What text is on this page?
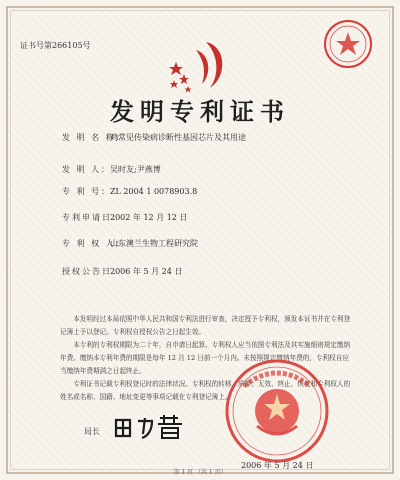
证书号第266105号
发明专利证书
发 明 名 称：鸡常见传染病诊断性基因芯片及其用途
发 明 人：吴时友;尹燕博
专 利 号：ZL 2004 1 0078903.8
专利申请日：2002 年 12 月 12 日
专 利 权 人：山东澳兰生物工程研究院
授权公告日：2006 年 5 月 24 日

本发明经过本局依照中华人民共和国专利法进行审查，决定授予专利权，颁发本证书并在专利登记簿上予以登记。专利权自授权公告之日起生效。

本专利的专利权期限为二十年，自申请日起算。专利权人应当依照专利法及其实施细则规定缴纳年费。缴纳本专利年费的期限是每年 12 月 12 日前一个月内。未按照规定缴纳年费的，专利权自应当缴纳年费期满之日起终止。

专利证书记载专利权登记时的法律状况。专利权的转移、质押、无效、终止、恢复和专利权人的姓名或名称、国籍、地址变更等事项记载在专利登记簿上。

局长
2006 年 5 月 24 日
第 1 页 （共 1 页）
